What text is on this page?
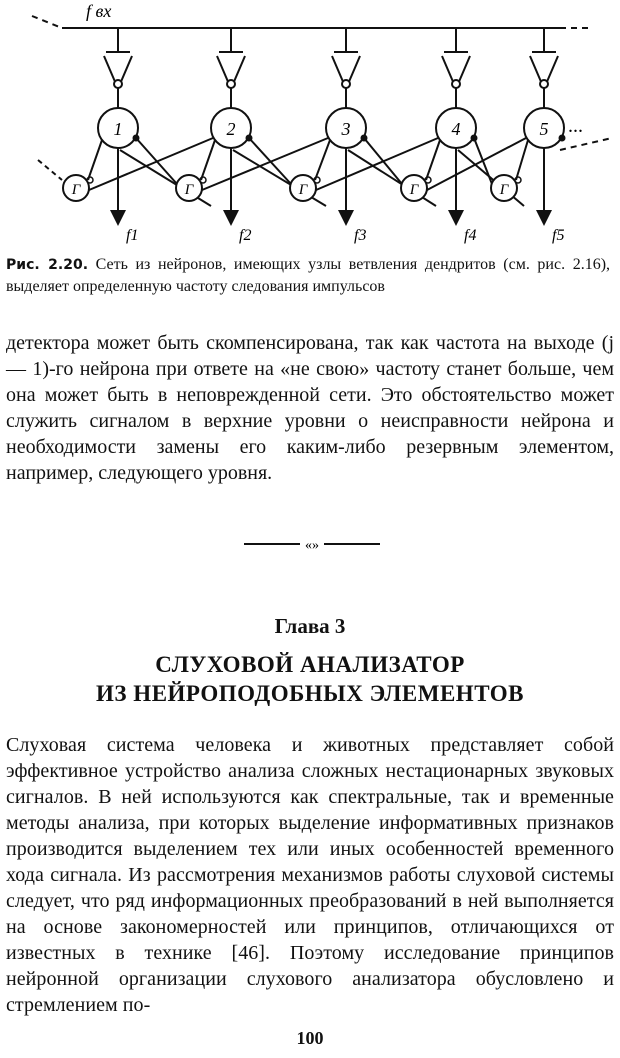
f вх
1
f1
Г
2
f2
Г
3
f3
Г
4
f4
Г
5
f5
Г
...
Рис. 2.20. Сеть из нейронов, имеющих узлы ветвления дендритов (см. рис. 2.16), выделяет определенную частоту следования импульсов

детектора может быть скомпенсирована, так как частота на выходе (j — 1)-го нейрона при ответе на «не свою» частоту станет больше, чем она может быть в неповрежденной сети. Это обстоятельство может служить сигналом в верхние уровни о неисправности нейрона и необходимости замены его каким-либо резервным элементом, например, следующего уровня.

«»
Глава 3
СЛУХОВОЙ АНАЛИЗАТОР
ИЗ НЕЙРОПОДОБНЫХ ЭЛЕМЕНТОВ

Слуховая система человека и животных представляет собой эффективное устройство анализа сложных нестационарных звуковых сигналов. В ней используются как спектральные, так и временные методы анализа, при которых выделение информативных признаков производится выделением тех или иных особенностей временного хода сигнала. Из рассмотрения механизмов работы слуховой системы следует, что ряд информационных преобразований в ней выполняется на основе закономерностей или принципов, отличающихся от известных в технике [46]. Поэтому исследование принципов нейронной организации слухового анализатора обусловлено и стремлением по-

100
